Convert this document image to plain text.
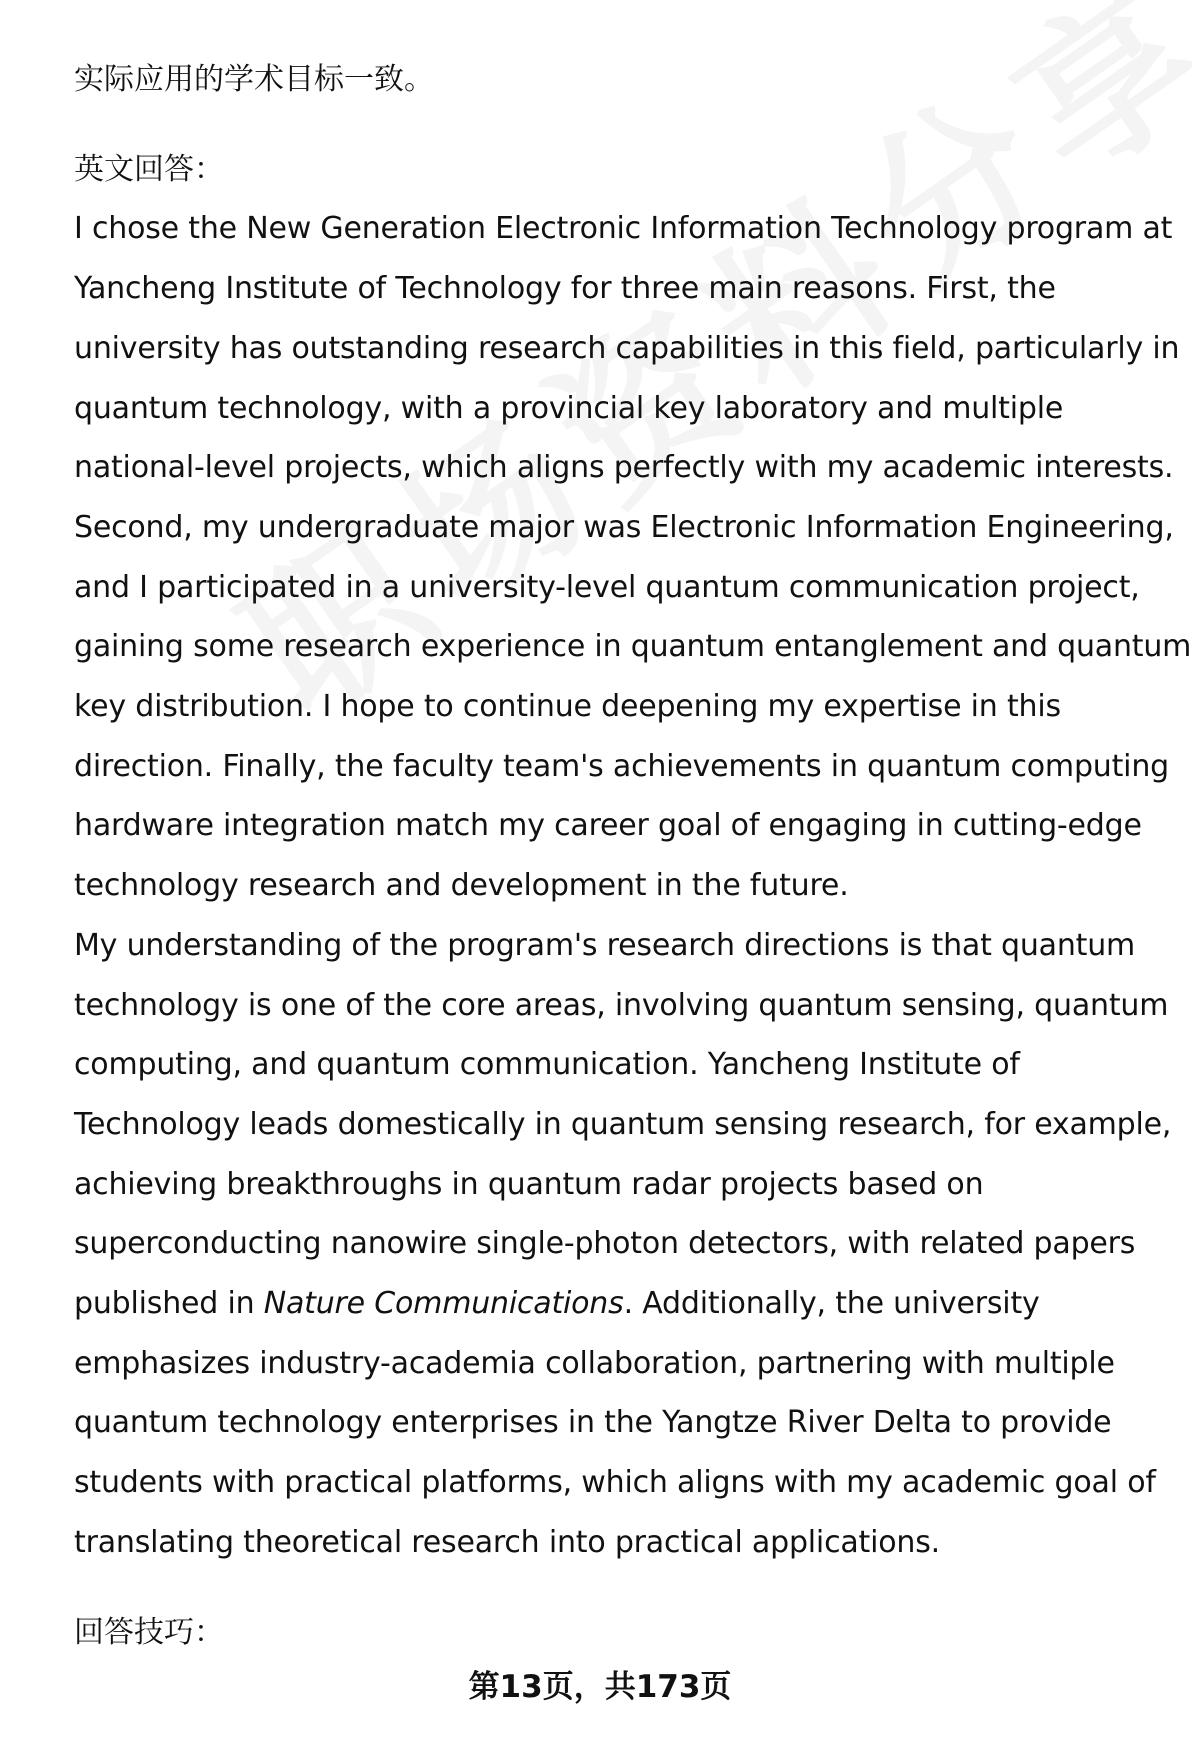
实际应用的学术目标一致。
英文回答：
I chose the New Generation Electronic Information Technology program at
Yancheng Institute of Technology for three main reasons. First, the
university has outstanding research capabilities in this field, particularly in
quantum technology, with a provincial key laboratory and multiple
national-level projects, which aligns perfectly with my academic interests.
Second, my undergraduate major was Electronic Information Engineering,
and I participated in a university-level quantum communication project,
gaining some research experience in quantum entanglement and quantum
key distribution. I hope to continue deepening my expertise in this
direction. Finally, the faculty team's achievements in quantum computing
hardware integration match my career goal of engaging in cutting-edge
technology research and development in the future.
My understanding of the program's research directions is that quantum
technology is one of the core areas, involving quantum sensing, quantum
computing, and quantum communication. Yancheng Institute of
Technology leads domestically in quantum sensing research, for example,
achieving breakthroughs in quantum radar projects based on
superconducting nanowire single-photon detectors, with related papers
published in Nature Communications. Additionally, the university
emphasizes industry-academia collaboration, partnering with multiple
quantum technology enterprises in the Yangtze River Delta to provide
students with practical platforms, which aligns with my academic goal of
translating theoretical research into practical applications.
回答技巧：
第13页，共173页
